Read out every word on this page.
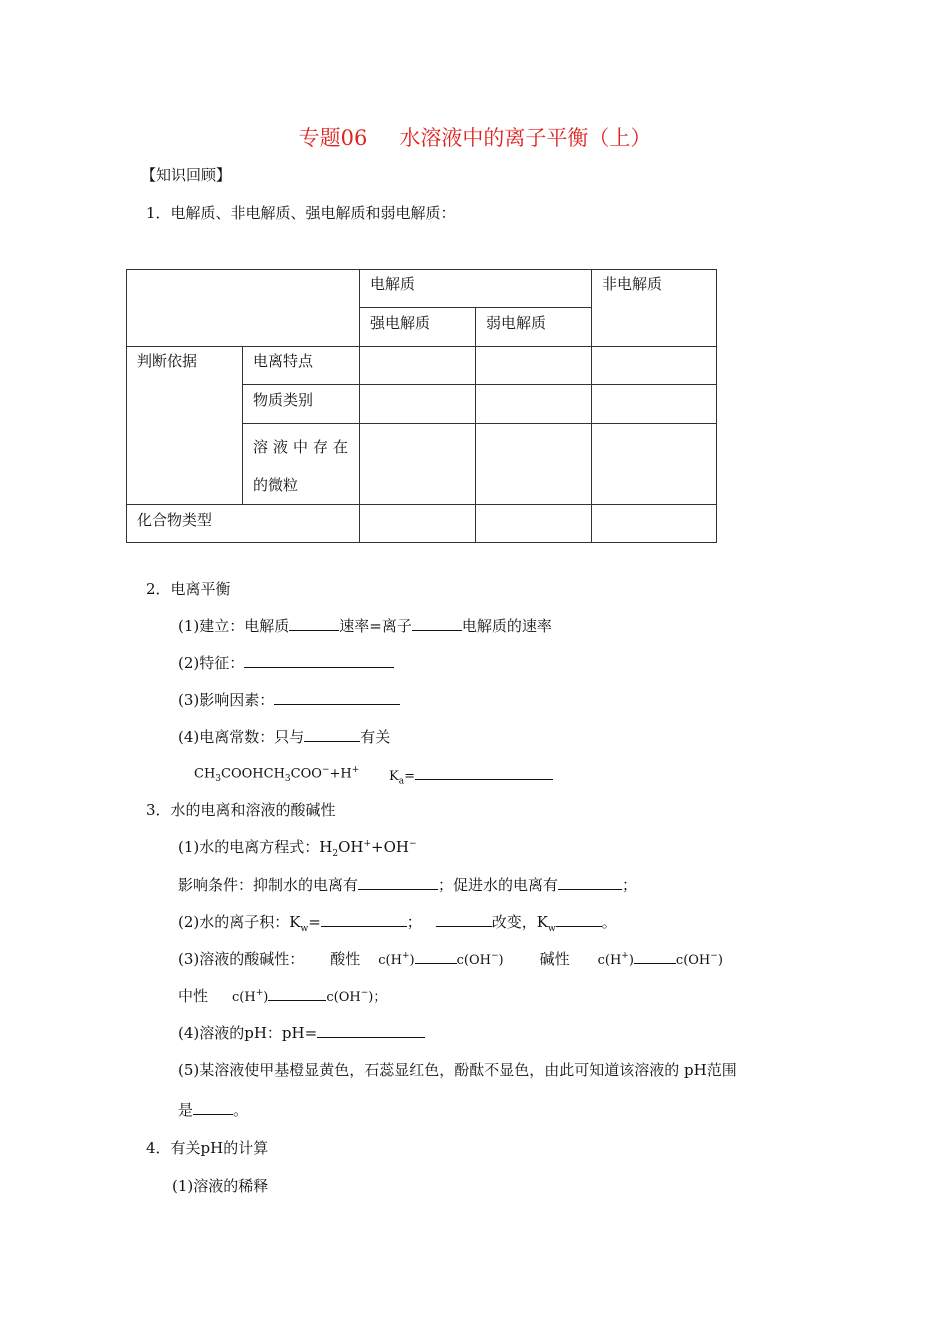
专题06 水溶液中的离子平衡（上）
【知识回顾】
1．电解质、非电解质、强电解质和弱电解质：
		电解质		非电解质
		强电解质	弱电解质	
判断依据	电离特点			
	物质类别			

	溶液中存在
的微粒			

化合物类型				
2．电离平衡
(1)建立：电解质	速率=离子	电解质的速率
(2)特征：
(3)影响因素：
(4)电离常数：只与	有关
$CH_3COOHCH_3COO^-+H^+$ $K_a=$
3．水的电离和溶液的酸碱性
(1)水的电离方程式：$H_2OH^++OH^-$
影响条件：抑制水的电离有	；促进水的电离有	；
(2)水的离子积：$K_w=$	；	改变，$K_w$	。
(3)溶液的酸碱性： 酸性 c(H+)	c(OH−) 碱性 c(H+)	c(OH−)
中性 c(H+)	c(OH−)；
(4)溶液的pH：pH=
(5)某溶液使甲基橙显黄色，石蕊显红色，酚酞不显色，由此可知道该溶液的 pH范围
是	。
4．有关pH的计算
(1)溶液的稀释
